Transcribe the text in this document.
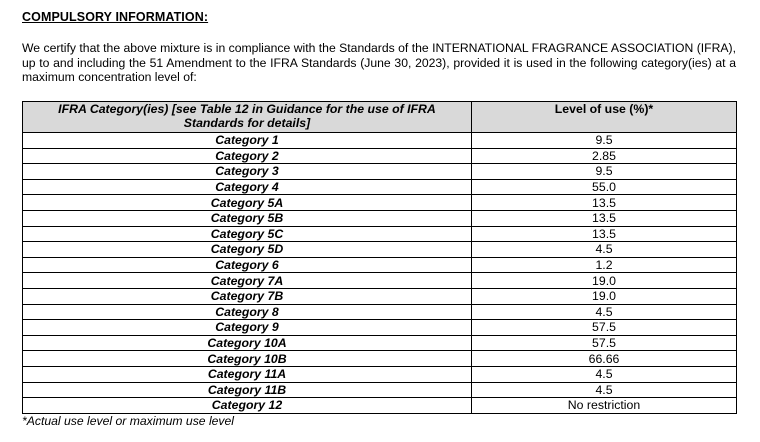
COMPULSORY INFORMATION:
We certify that the above mixture is in compliance with the Standards of the INTERNATIONAL FRAGRANCE ASSOCIATION (IFRA), up to and including the 51 Amendment to the IFRA Standards (June 30, 2023), provided it is used in the following category(ies) at a maximum concentration level of:
IFRA Category(ies) [see Table 12 in Guidance for the use of IFRA Standards for details]	Level of use (%)*
Category 1	9.5
Category 2	2.85
Category 3	9.5
Category 4	55.0
Category 5A	13.5
Category 5B	13.5
Category 5C	13.5
Category 5D	4.5
Category 6	1.2
Category 7A	19.0
Category 7B	19.0
Category 8	4.5
Category 9	57.5
Category 10A	57.5
Category 10B	66.66
Category 11A	4.5
Category 11B	4.5
Category 12	No restriction
*Actual use level or maximum use level
